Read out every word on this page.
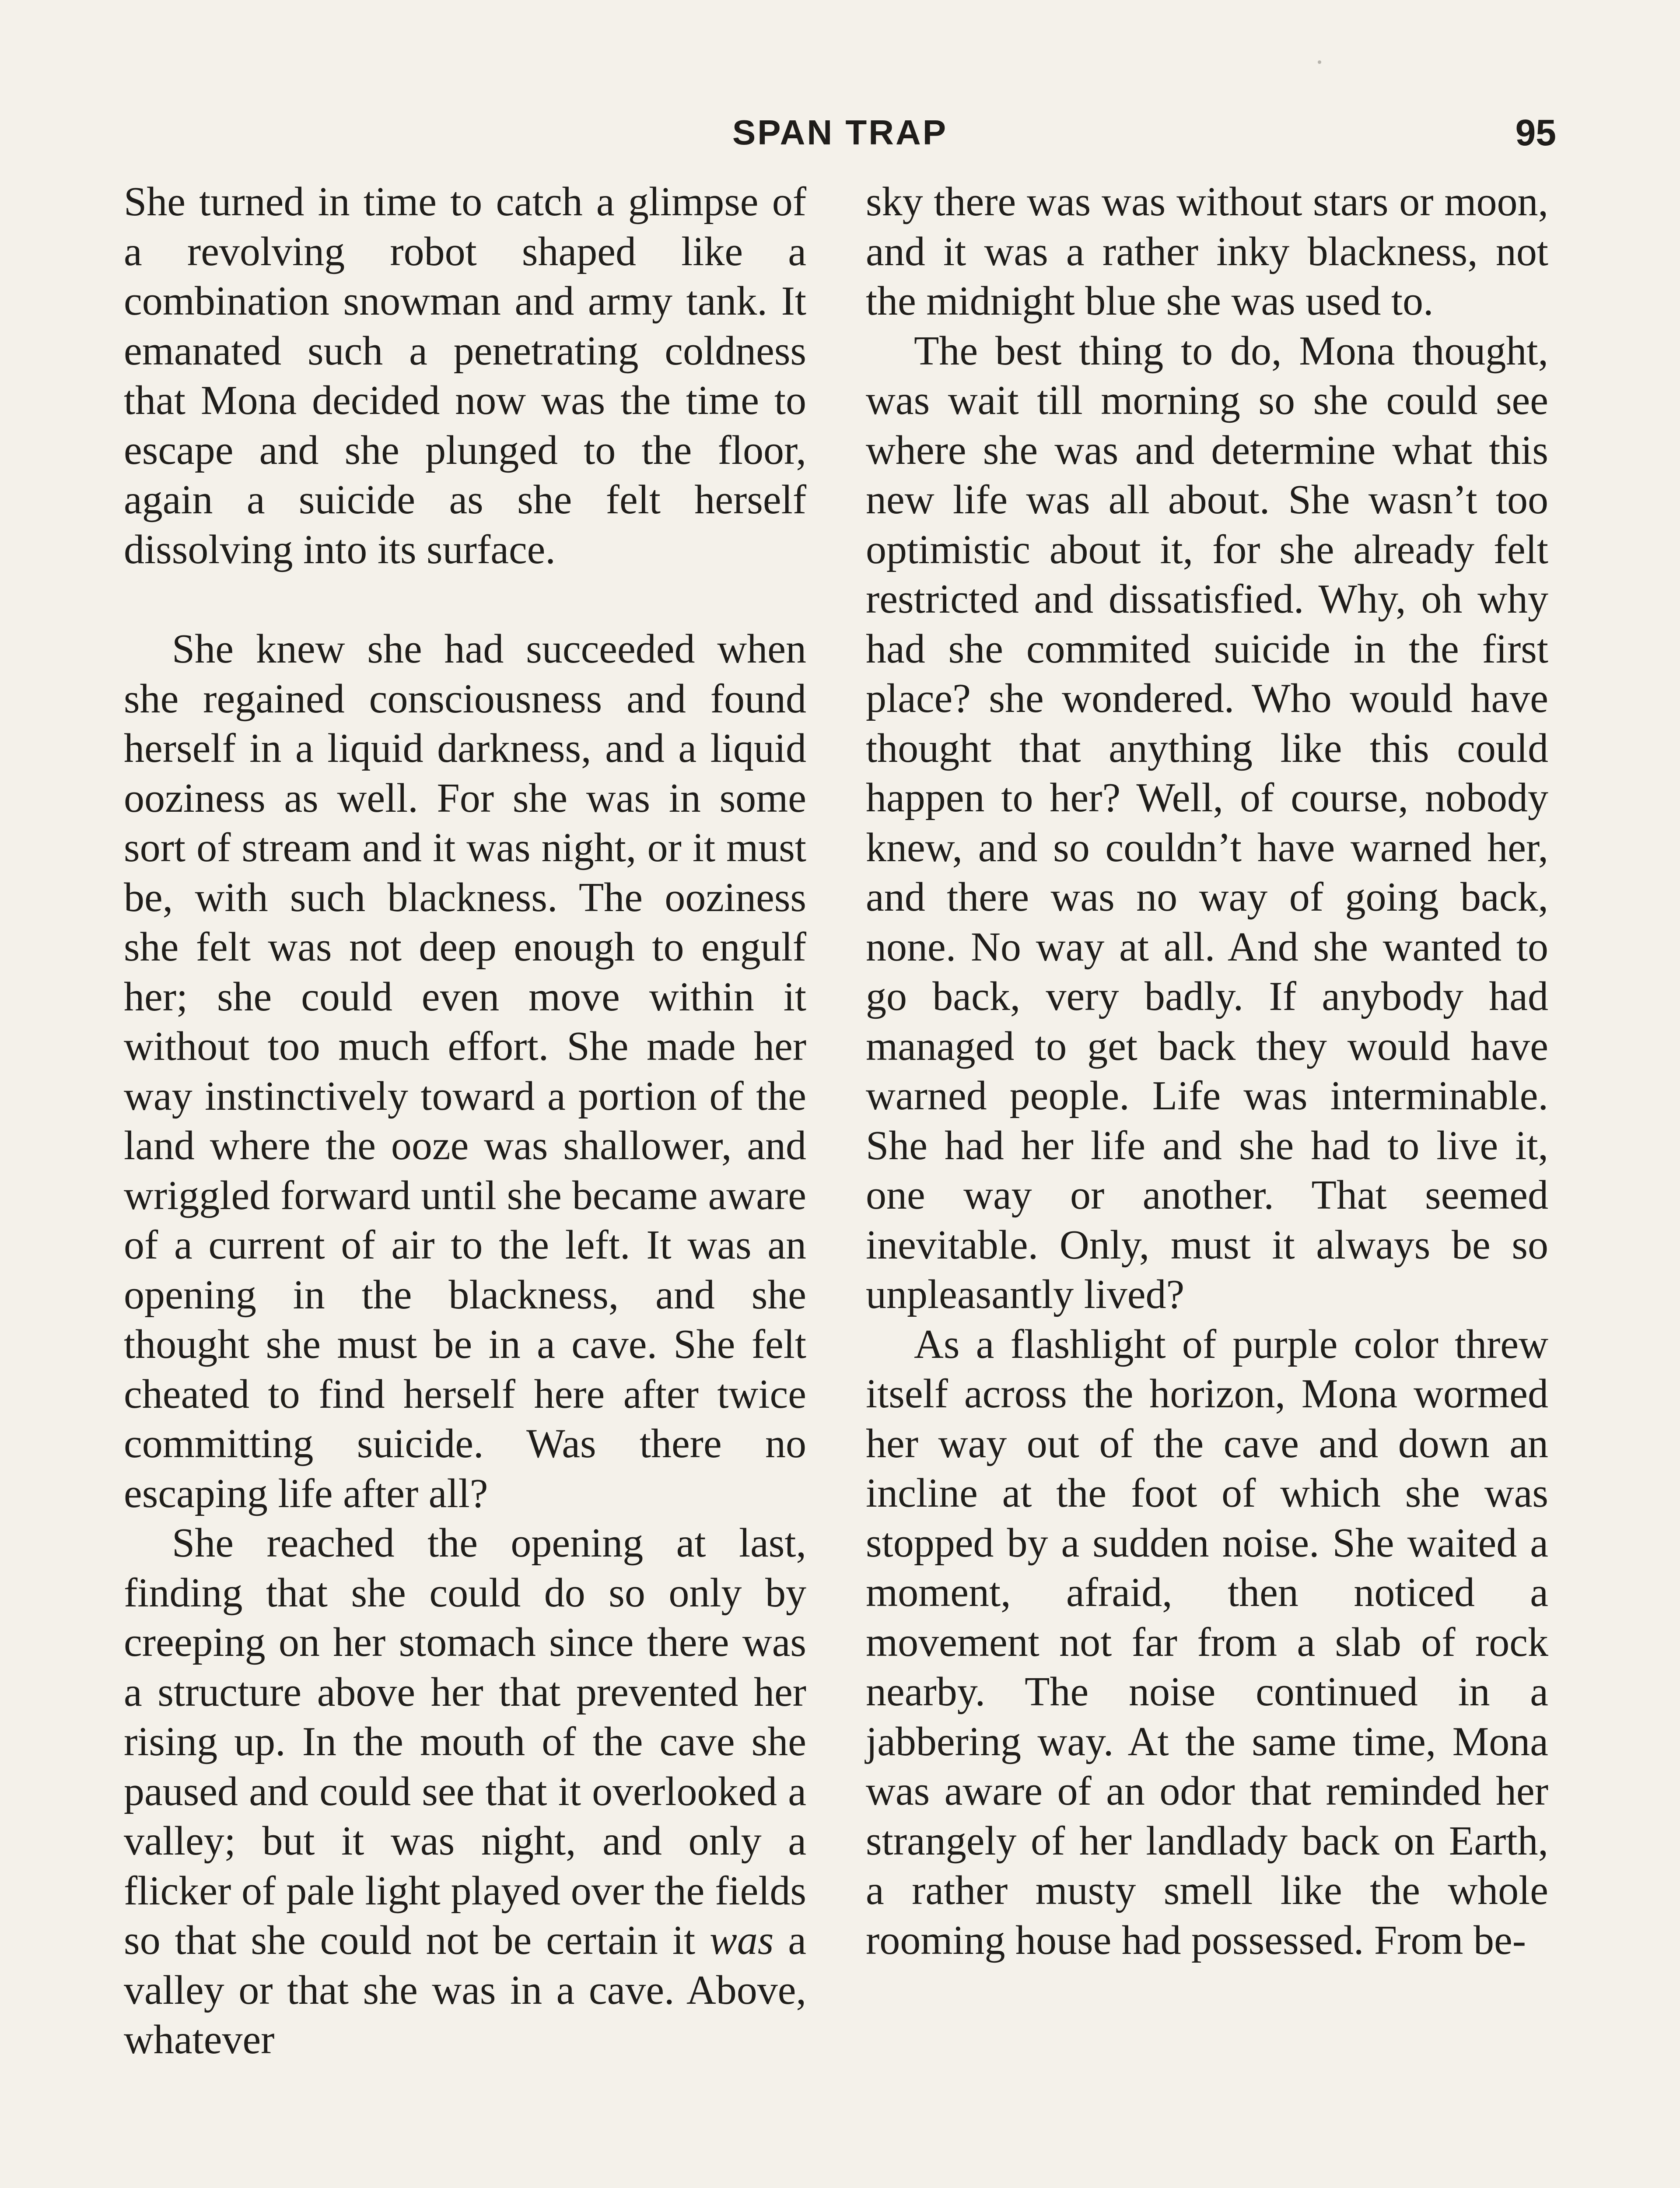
SPAN TRAP	95

She turned in time to catch a glimpse of a revolving robot shaped like a combination snowman and army tank. It emanated such a penetrating coldness that Mona decided now was the time to escape and she plunged to the floor, again a suicide as she felt herself dissolving into its surface.

She knew she had succeeded when she regained consciousness and found herself in a liquid darkness, and a liquid ooziness as well. For she was in some sort of stream and it was night, or it must be, with such blackness. The ooziness she felt was not deep enough to engulf her; she could even move within it without too much effort. She made her way instinctively toward a portion of the land where the ooze was shallower, and wriggled forward until she became aware of a current of air to the left. It was an opening in the blackness, and she thought she must be in a cave. She felt cheated to find herself here after twice committing suicide. Was there no escaping life after all?

She reached the opening at last, finding that she could do so only by creeping on her stomach since there was a structure above her that prevented her rising up. In the mouth of the cave she paused and could see that it overlooked a valley; but it was night, and only a flicker of pale light played over the fields so that she could not be certain it was a valley or that she was in a cave. Above, whatever

sky there was was without stars or moon, and it was a rather inky blackness, not the midnight blue she was used to.

The best thing to do, Mona thought, was wait till morning so she could see where she was and determine what this new life was all about. She wasn’t too optimistic about it, for she already felt restricted and dissatisfied. Why, oh why had she commited suicide in the first place? she wondered. Who would have thought that anything like this could happen to her? Well, of course, nobody knew, and so couldn’t have warned her, and there was no way of going back, none. No way at all. And she wanted to go back, very badly. If anybody had managed to get back they would have warned people. Life was interminable. She had her life and she had to live it, one way or another. That seemed inevitable. Only, must it always be so unpleasantly lived?

As a flashlight of purple color threw itself across the horizon, Mona wormed her way out of the cave and down an incline at the foot of which she was stopped by a sudden noise. She waited a moment, afraid, then noticed a movement not far from a slab of rock nearby. The noise continued in a jabbering way. At the same time, Mona was aware of an odor that reminded her strangely of her landlady back on Earth, a rather musty smell like the whole rooming house had possessed. From be-
